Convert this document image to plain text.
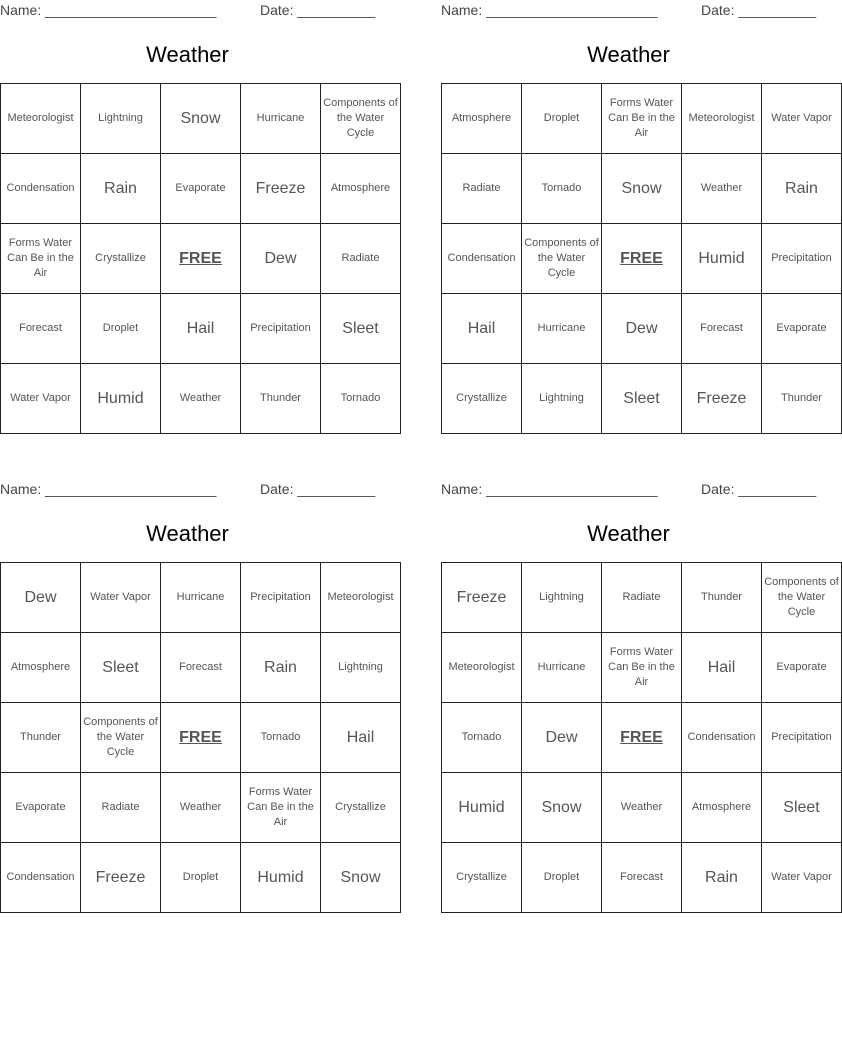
Name: ______________________	Date: __________
Weather
Meteorologist	Lightning	Snow	Hurricane	Components of the Water Cycle
Condensation	Rain	Evaporate	Freeze	Atmosphere
Forms Water Can Be in the Air	Crystallize	FREE	Dew	Radiate
Forecast	Droplet	Hail	Precipitation	Sleet
Water Vapor	Humid	Weather	Thunder	Tornado
Name: ______________________	Date: __________
Weather
Atmosphere	Droplet	Forms Water Can Be in the Air	Meteorologist	Water Vapor
Radiate	Tornado	Snow	Weather	Rain
Condensation	Components of the Water Cycle	FREE	Humid	Precipitation
Hail	Hurricane	Dew	Forecast	Evaporate
Crystallize	Lightning	Sleet	Freeze	Thunder
Name: ______________________	Date: __________
Weather
Dew	Water Vapor	Hurricane	Precipitation	Meteorologist
Atmosphere	Sleet	Forecast	Rain	Lightning
Thunder	Components of the Water Cycle	FREE	Tornado	Hail
Evaporate	Radiate	Weather	Forms Water Can Be in the Air	Crystallize
Condensation	Freeze	Droplet	Humid	Snow
Name: ______________________	Date: __________
Weather
Freeze	Lightning	Radiate	Thunder	Components of the Water Cycle
Meteorologist	Hurricane	Forms Water Can Be in the Air	Hail	Evaporate
Tornado	Dew	FREE	Condensation	Precipitation
Humid	Snow	Weather	Atmosphere	Sleet
Crystallize	Droplet	Forecast	Rain	Water Vapor
